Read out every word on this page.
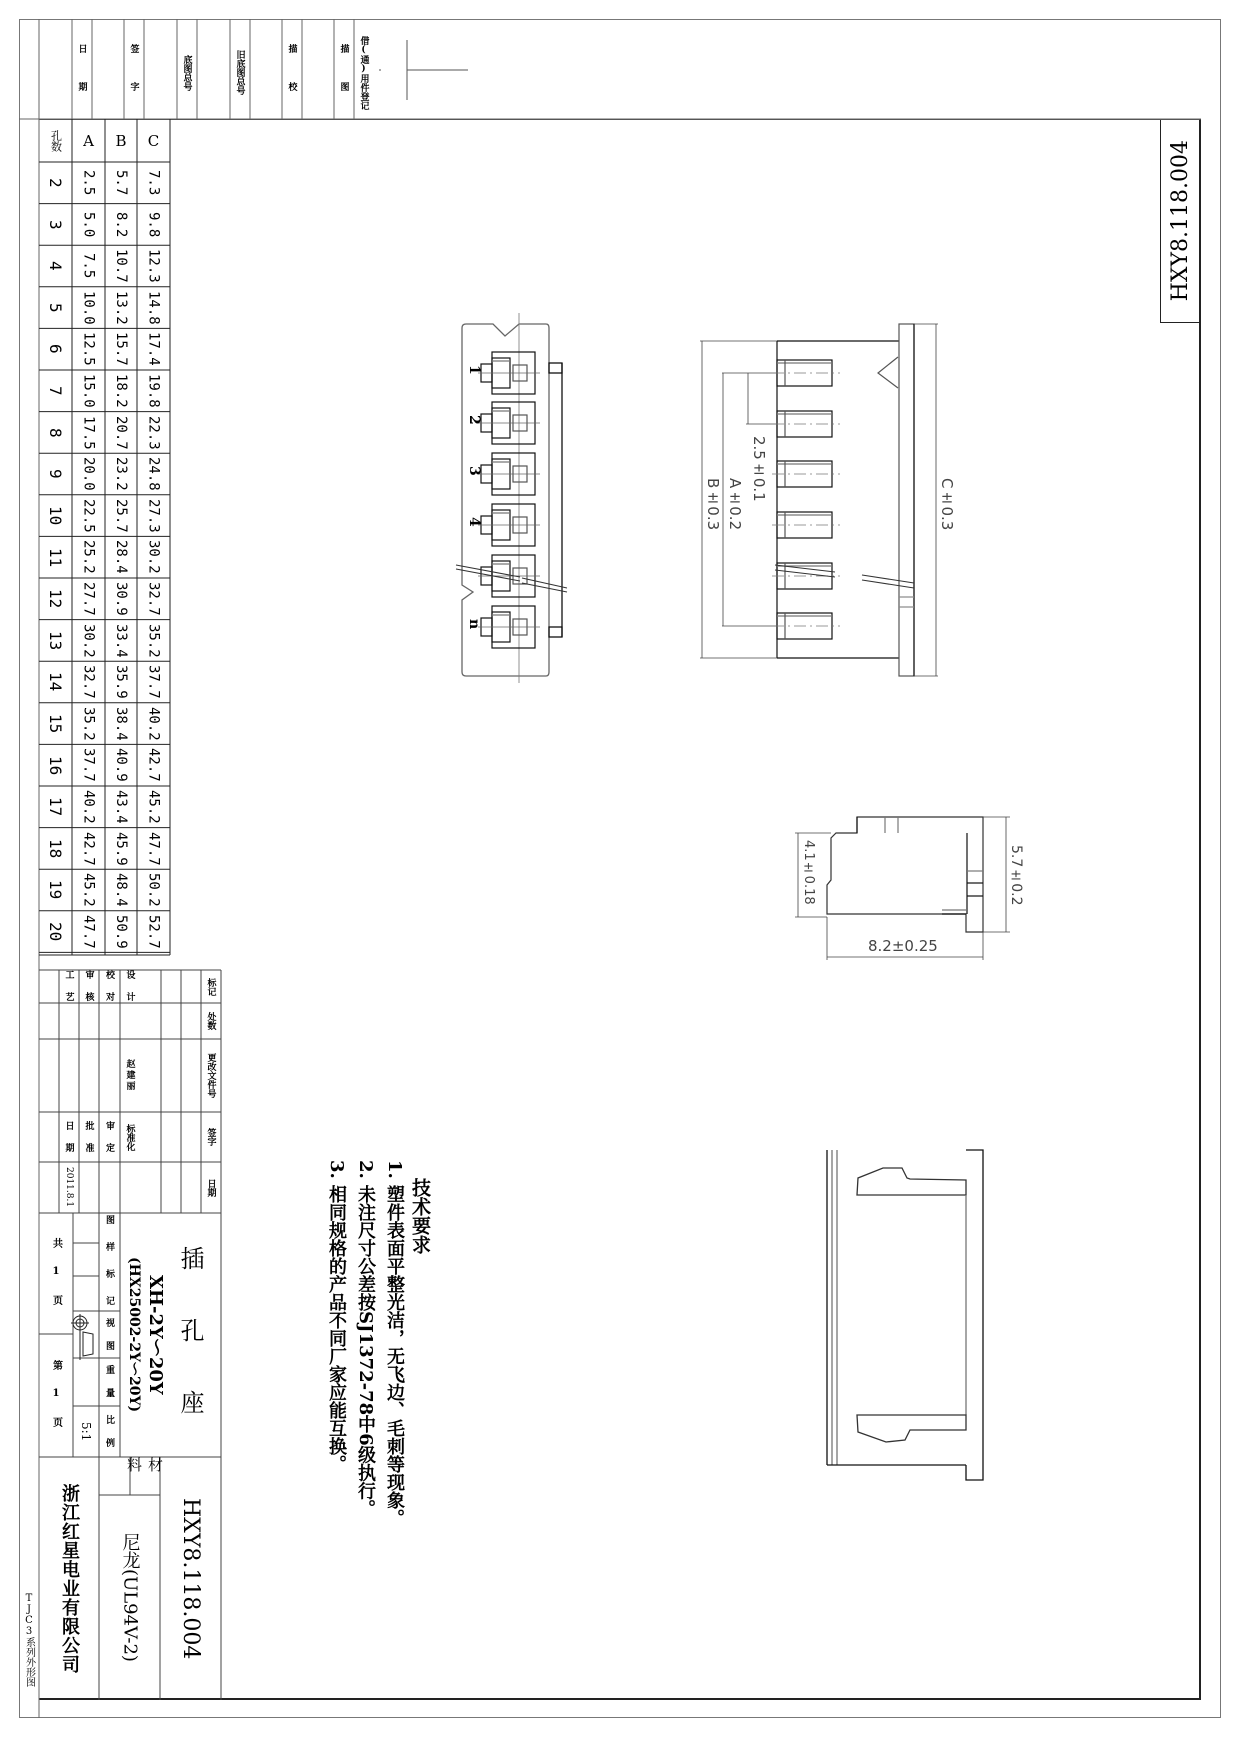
HXY8.118.004
日　期	签　字	底图总号	旧底图总号	描　校	描　图	借(通)用件登记
孔数	A B C
2	2.5	5.7	7.3
3	5.0	8.2	9.8
4	7.5	10.7	12.3
5	10.0	13.2	14.8
6	12.5	15.7	17.4
7	15.0	18.2	19.8
8	17.5	20.7	22.3
9	20.0	23.2	24.8
10	22.5	25.7	27.3
11	25.2	28.4	30.2
12	27.7	30.9	32.7
13	30.2	33.4	35.2
14	32.7	35.9	37.7
15	35.2	38.4	40.2
16	37.7	40.9	42.7
17	40.2	43.4	45.2
18	42.7	45.9	47.7
19	45.2	48.4	50.2
20	47.7	50.9	52.7
标记
处数
更改文件号
签字
日期
设　计
赵建丽
标准化
校　对
审　定
审　核
批　准
工　艺
日　期
2011.8.1
插 孔 座
XH-2Y～20Y
(HX25002-2Y～20Y)
图 样 标 记
视 图
重 量
比 例
5:1
共　1　页
第　1　页
HXY8.118.004
材　料
尼龙(UL94V-2)
浙江红星电业有限公司
TJC3系列外形图
技术要求
1. 塑件表面平整光洁，无飞边、毛刺等现象。
2. 未注尺寸公差按SJ1372-78中6级执行。
3. 相同规格的产品不同厂家应能互换。
2.5±0.1
A±0.2
B±0.3	C±0.3
4.1±0.18	5.7±0.2
8.2±0.25
1
2
3
4
n
